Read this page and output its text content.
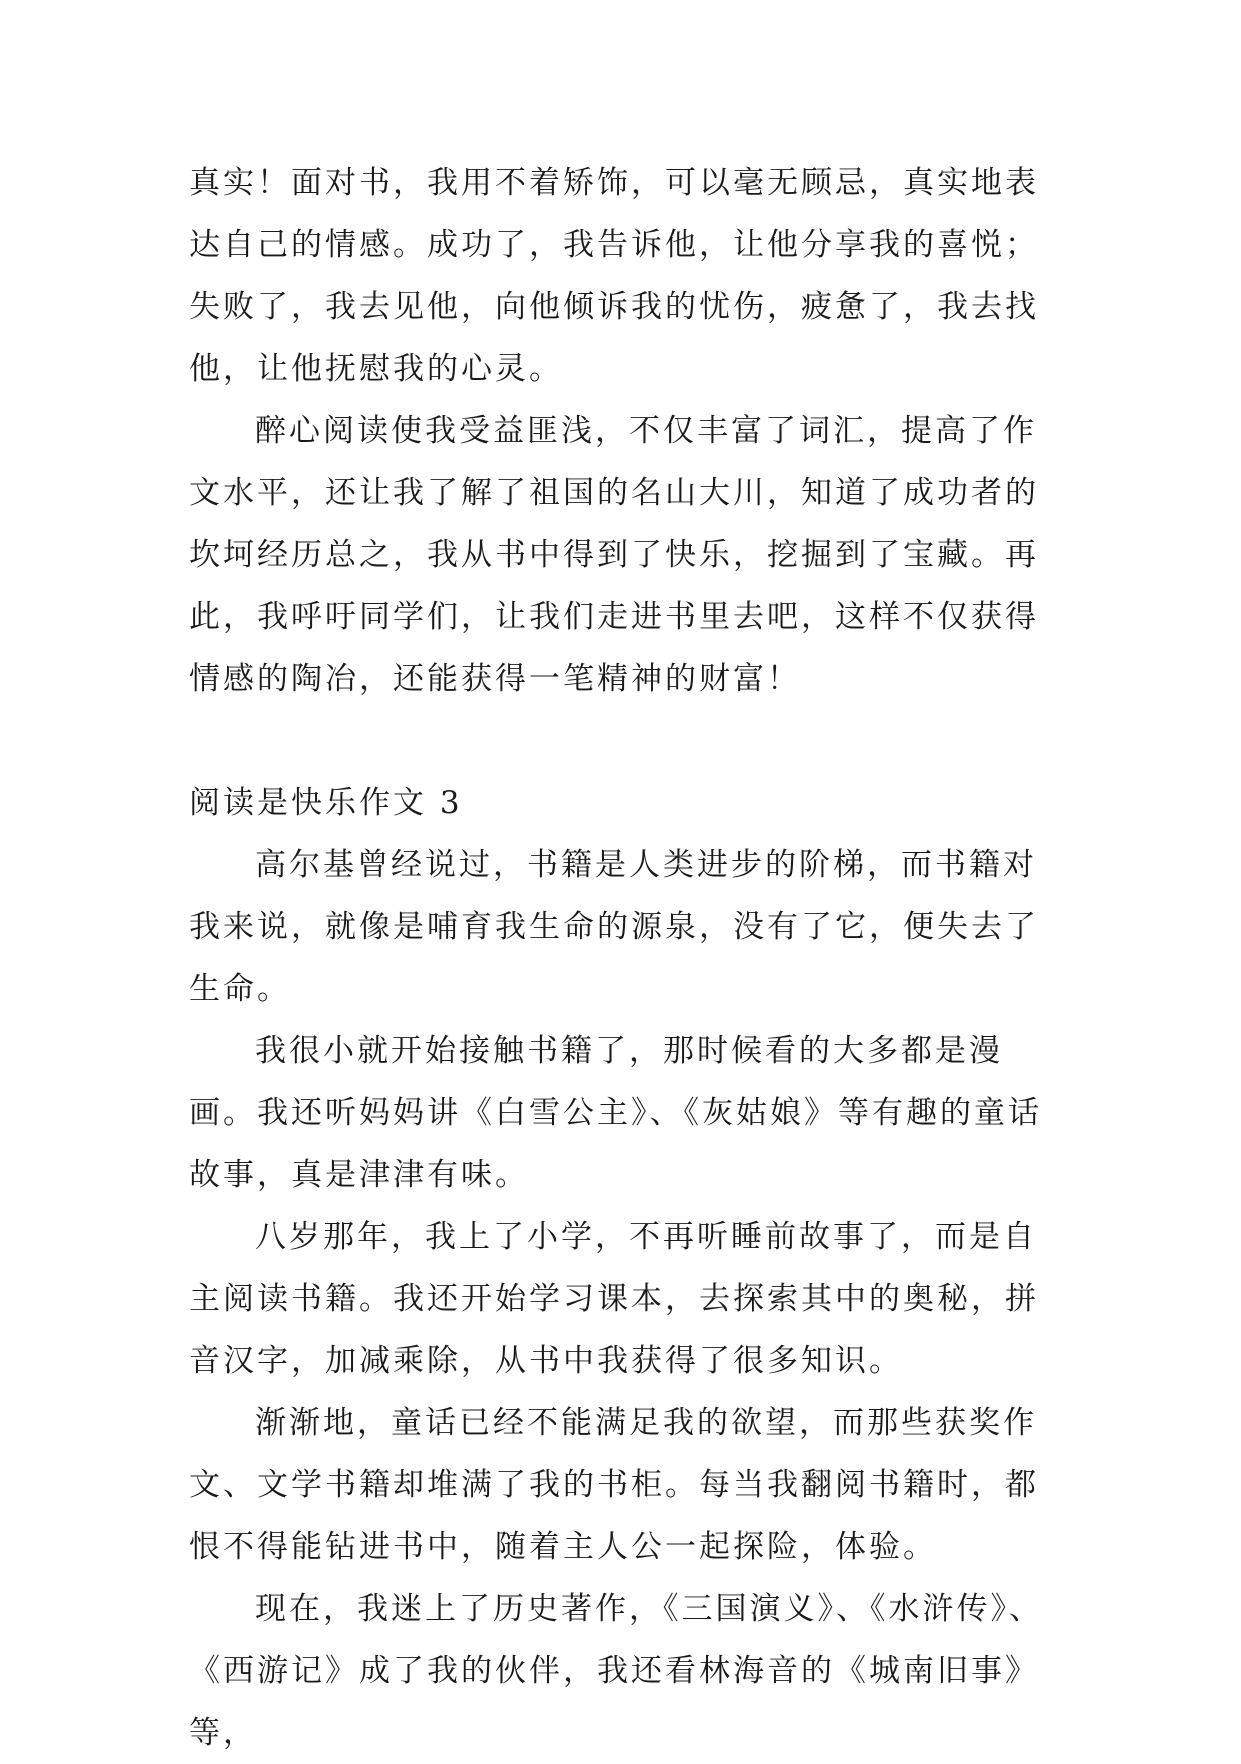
真实！面对书，我用不着矫饰，可以毫无顾忌，真实地表达自己的情感。成功了，我告诉他，让他分享我的喜悦；失败了，我去见他，向他倾诉我的忧伤，疲惫了，我去找他，让他抚慰我的心灵。

醉心阅读使我受益匪浅，不仅丰富了词汇，提高了作文水平，还让我了解了祖国的名山大川，知道了成功者的坎坷经历总之，我从书中得到了快乐，挖掘到了宝藏。再此，我呼吁同学们，让我们走进书里去吧，这样不仅获得情感的陶冶，还能获得一笔精神的财富！

阅读是快乐作文 3

高尔基曾经说过，书籍是人类进步的阶梯，而书籍对我来说，就像是哺育我生命的源泉，没有了它，便失去了生命。

我很小就开始接触书籍了，那时候看的大多都是漫画。我还听妈妈讲《白雪公主》、《灰姑娘》等有趣的童话故事，真是津津有味。

八岁那年，我上了小学，不再听睡前故事了，而是自主阅读书籍。我还开始学习课本，去探索其中的奥秘，拼音汉字，加减乘除，从书中我获得了很多知识。

渐渐地，童话已经不能满足我的欲望，而那些获奖作文、文学书籍却堆满了我的书柜。每当我翻阅书籍时，都恨不得能钻进书中，随着主人公一起探险，体验。

现在，我迷上了历史著作，《三国演义》、《水浒传》、《西游记》成了我的伙伴，我还看林海音的《城南旧事》等，
